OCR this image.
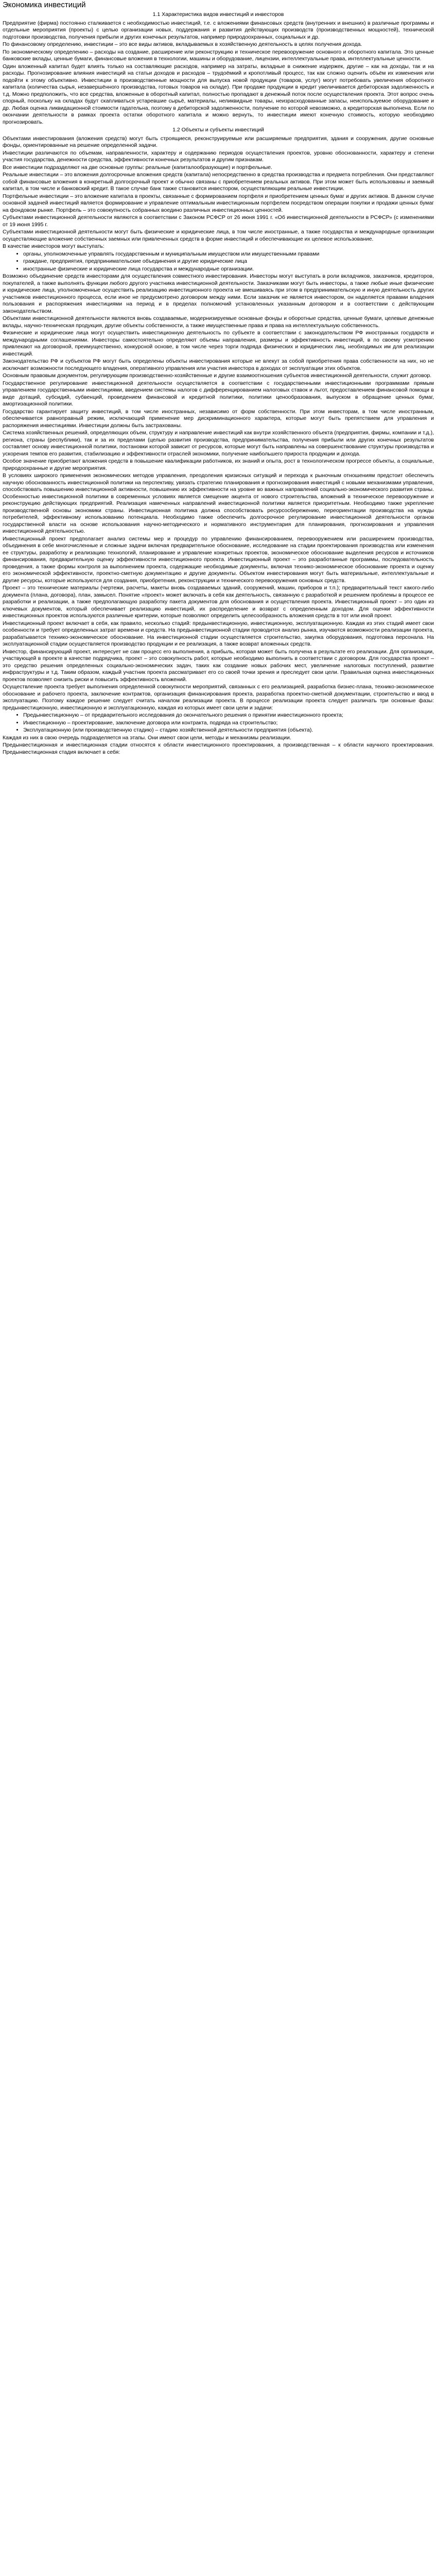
Экономика инвестиций

1.1 Характеристика видов инвестиций и инвесторов

Предприятие (фирма) постоянно сталкивается с необходимостью инвестиций, т.е. с вложениями финансовых средств (внутренних и внешних) в различные программы и отдельные мероприятия (проекты) с целью организации новых, поддержания и развития действующих производств (производственных мощностей), технической подготовки производства, получения прибыли и других конечных результатов, например природоохранных, социальных и др.

По финансовому определению, инвестиции – это все виды активов, вкладываемых в хозяйственную деятельность в целях получения дохода.

По экономическому определению – расходы на создание, расширение или реконструкцию и техническое перевооружение основного и оборотного капитала. Это ценные банковские вклады, ценные бумаги, финансовые вложения в технологии, машины и оборудование, лицензии, интеллектуальные права, интеллектуальные ценности.

Один вложенный капитал будет влиять только на составляющие расходов, например на затраты, вкладные в снижение издержек, другие – как на доходы, так и на расходы. Прогнозирование влияния инвестиций на статьи доходов и расходов – трудоёмкий и кропотливый процесс, так как сложно оценить объём их изменения или подойти к этому объективно. Инвестиции в производственные мощности для выпуска новой продукции (товаров, услуг) могут потребовать увеличения оборотного капитала (количества сырья, незавершённого производства, готовых товаров на складе). При продаже продукции в кредит увеличивается дебиторская задолженность и т.д. Можно предположить, что все средства, вложенные в оборотный капитал, полностью пропадают в денежный поток после осуществления проекта. Этот вопрос очень спорный, поскольку на складах будут скапливаться устаревшие сырьё, материалы, неликвидные товары, неизрасходованные запасы, неиспользуемое оборудование и др. Любая оценка ликвидационной стоимости гадательна, поэтому в дебиторской задолженности, получение по которой невозможно, а кредиторская выполнена. Если по окончании деятельности в рамках проекта остатки оборотного капитала и можно вернуть, то инвестиции имеют конечную стоимость, которую необходимо прогнозировать.

1.2 Объекты и субъекты инвестиций

Объектами инвестирования (вложения средств) могут быть строящиеся, реконструируемые или расширяемые предприятия, здания и сооружения, другие основные фонды, ориентированные на решение определенной задачи.

Инвестиции различаются по объемам, направленности, характеру и содержанию периодов осуществления проектов, уровню обоснованности, характеру и степени участия государства, денежности средства, эффективности конечных результатов и другим признакам.

Все инвестиции подразделяют на две основные группы: реальные (капиталообразующие) и портфельные.

Реальные инвестиции – это вложения долгосрочные вложения средств (капитала) непосредственно в средства производства и предмета потребления. Они представляют собой финансовые вложения в конкретный долгосрочный проект и обычно связаны с приобретением реальных активов. При этом может быть использованы и заемный капитал, в том числе и банковский кредит. В такое случае банк также становится инвестором, осуществляющим реальные инвестиции.

Портфельные инвестиции – это вложение капитала в проекты, связанные с формированием портфеля и приобретением ценных бумаг и других активов. В данном случае основной задачей инвестиций является формирование и управление оптимальным инвестиционным портфелем посредством операции покупки и продажи ценных бумаг на фондовом рынке. Портфель – это совокупность собранных воедино различных инвестиционных ценностей.

Субъектами инвестиционной деятельности являются в соответствии с Законом РСФСР от 26 июня 1991 г. «Об инвестиционной деятельности в РСФСР» (с изменениями от 19 июня 1995 г.

Субъектами инвестиционной деятельности могут быть физические и юридические лица, в том числе иностранные, а также государства и международные организации осуществляющие вложение собственных заемных или привлеченных средств в форме инвестиций и обеспечивающие их целевое использование.

В качестве инвесторов могут выступать:

• органы, уполномоченные управлять государственным и муниципальным имуществом или имущественными правами
• граждане, предприятия, предпринимательские объединения и другие юридические лица
• иностранные физические и юридические лица государства и международные организации.

Возможно объединение средств инвесторами для осуществления совместного инвестирования. Инвесторы могут выступать в роли вкладчиков, заказчиков, кредиторов, покупателей, а также выполнять функции любого другого участника инвестиционной деятельности. Заказчиками могут быть инвесторы, а также любые иные физические и юридические лица, уполномоченные осуществить реализацию инвестиционного проекта не вмешиваясь при этом в предпринимательскую и иную деятельность других участников инвестиционного процесса, если иное не предусмотрено договором между ними. Если заказчик не является инвестором, он наделяется правами владения пользования и распоряжения инвестициями на период и в пределах полномочий установленных указанным договором и в соответствии с действующим законодательством.

Объектами инвестиционной деятельности являются вновь создаваемые, модернизируемые основные фонды и оборотные средства, ценные бумаги, целевые денежные вклады, научно-техническая продукция, другие объекты собственности, а также имущественные права и права на интеллектуальную собственность.

Физические и юридические лица могут осуществить инвестиционную деятельность по субъекте в соответствии с законодательством РФ иностранных государств и международными соглашениями. Инвесторы самостоятельно определяют объемы направления, размеры и эффективность инвестиций, в по своему усмотрению привлекают на договорной, преимущественно, конкурсной основе, в том числе через торги подряда физических и юридических лиц, необходимых им для реализации инвестиций.

Законодательство РФ и субъектов РФ могут быть определены объекты инвестирования которые не влекут за собой приобретения права собственности на них, но не исключает возможности последующего владения, оперативного управления или участия инвестора в доходах от эксплуатации этих объектов.

Основным правовым документом, регулирующим производственно-хозяйственные и другие взаимоотношения субъектов инвестиционной деятельности, служит договор.

Государственное регулирование инвестиционной деятельности осуществляется в соответствии с государственными инвестиционными программами прямым управлением государственными инвестициями, введением системы налогов с дифференцированием налоговых ставок и льгот, предоставлением финансовой помощи в виде дотаций, субсидий, субвенций, проведением финансовой и кредитной политики, политики ценообразования, выпуском в обращение ценных бумаг, амортизационной политики.

Государство гарантирует защиту инвестиций, в том числе иностранных, независимо от форм собственности. При этом инвесторам, в том числе иностранным, обеспечивается равноправный режим, исключающий применение мер дискриминационного характера, которые могут быть препятствием для управления и распоряжения инвестициями. Инвестиции должны быть застрахованы.

Система хозяйственных решений, определяющих объем, структуру и направление инвестиций как внутри хозяйственного объекта (предприятия, фирмы, компании и т.д.), региона, страны (республики), так и за их пределами (целью развития производства, предпринимательства, получения прибыли или других конечных результатов составляет основу инвестиционной политики, постановки которой зависит от ресурсов, которые могут быть направлены на совершенствование структуры производства и ускорения темпов его развития, стабилизацию и эффективности отраслей экономики, получение наибольшего прироста продукции и дохода.

Особое значение приобретают вложения средств в повышение квалификации работников, их знаний и опыта, рост в технологическом прогрессе объекты, а социальные, природоохранные и другие мероприятия.

В условиях широкого применения экономических методов управления, преодоления кризисных ситуаций и перехода к рыночным отношениям предстоит обеспечить научную обоснованность инвестиционной политики на перспективу, увязать стратегию планирования и прогнозирования инвестиций с новыми механизмами управления, способствовать повышению инвестиционной активности, повышению их эффективности на уровне во важных направлений социально-экономического развития страны. Особенностью инвестиционной политики в современных условиях является смещение акцента от нового строительства, вложений в техническое перевооружение и реконструкцию действующих предприятий. Реализация намеченных направлений инвестиционной политики является приоритетным. Необходимо также укрепление производственной основы экономики страны. Инвестиционная политика должна способствовать ресурсосбережению, переориентации производства на нужды потребителей, эффективному использованию потенциала. Необходимо также обеспечить долгосрочное регулирование инвестиционной деятельности органов государственной власти на основе использования научно-методического и нормативного инструментария для планирования, прогнозирования и управления инвестиционной деятельностью.

Инвестиционный проект предполагает анализ системы мер и процедур по управлению финансированием, перевооружением или расширением производства, объединения в себе многочисленные и сложные задачи включая предварительное обоснование, исследование на стадии проектирования производства или изменения ее структуры, разработку и реализацию технологий, планирование и управление конкретных проектов, экономическое обоснование выделения ресурсов и источников финансирования, предварительную оценку эффективности инвестиционного проекта. Инвестиционный проект – это разработанные программы, последовательность проведения, а также формы контроля за выполнением проекта, содержащие необходимые документы, включая технико-экономическое обоснование проекта и оценку его экономической эффективности, проектно-сметную документацию и другие документы. Объектом инвестирования могут быть материальные, интеллектуальные и другие ресурсы, которые используются для создания, приобретения, реконструкции и технического перевооружения основных средств.

Проект – это технические материалы (чертежи, расчеты, макеты вновь создаваемых зданий, сооружений, машин, приборов и т.п.); предварительный текст какого-либо документа (плана, договора), план, замысел. Понятие «проект» может включать в себя как деятельность, связанную с разработкой и решением проблемы в процессе ее разработки и реализации, а также предполагающую разработку пакета документов для обоснования и осуществления проекта. Инвестиционный проект – это один из ключевых документов, который обеспечивает реализацию инвестиций, их распределение и возврат с определенным доходом. Для оценки эффективности инвестиционных проектов используются различные критерии, которые позволяют определить целесообразность вложения средств в тот или иной проект.

Инвестиционный проект включает в себя, как правило, несколько стадий: предынвестиционную, инвестиционную, эксплуатационную. Каждая из этих стадий имеет свои особенности и требует определенных затрат времени и средств. На предынвестиционной стадии проводится анализ рынка, изучаются возможности реализации проекта, разрабатывается технико-экономическое обоснование. На инвестиционной стадии осуществляется строительство, закупка оборудования, подготовка персонала. На эксплуатационной стадии осуществляется производство продукции и ее реализация, а также возврат вложенных средств.

Инвестор, финансирующий проект, интересует не сам процесс его выполнения, а прибыль, которая может быть получена в результате его реализации. Для организации, участвующей в проекте в качестве подрядчика, проект – это совокупность работ, которые необходимо выполнить в соответствии с договором. Для государства проект – это средство решения определенных социально-экономических задач, таких как создание новых рабочих мест, увеличение налоговых поступлений, развитие инфраструктуры и т.д. Таким образом, каждый участник проекта рассматривает его со своей точки зрения и преследует свои цели. Правильная оценка инвестиционных проектов позволяет снизить риски и повысить эффективность вложений.

Осуществление проекта требует выполнения определенной совокупности мероприятий, связанных с его реализацией, разработка бизнес-плана, технико-экономическое обоснование и рабочего проекта, заключение контрактов, организация финансирования проекта, разработка проектно-сметной документации, строительство и ввод в эксплуатацию. Поэтому каждое решение следует считать началом реализации проекта. В процессе реализации проекта следует различать три основные фазы: предынвестиционную, инвестиционную и эксплуатационную, каждая из которых имеет свои цели и задачи:

• Предынвестиционную – от предварительного исследования до окончательного решения о принятии инвестиционного проекта;
• Инвестиционную – проектирование, заключение договора или контракта, подряда на строительство;
• Эксплуатационную (или производственную стадию) – стадию хозяйственной деятельности предприятия (объекта).

Каждая из них в свою очередь подразделяется на этапы. Они имеют свои цели, методы и механизмы реализации.

Предынвестиционная и инвестиционная стадии относятся к области инвестиционного проектирования, а производственная – к области научного проектирования. Предынвестиционная стадия включает в себя:
